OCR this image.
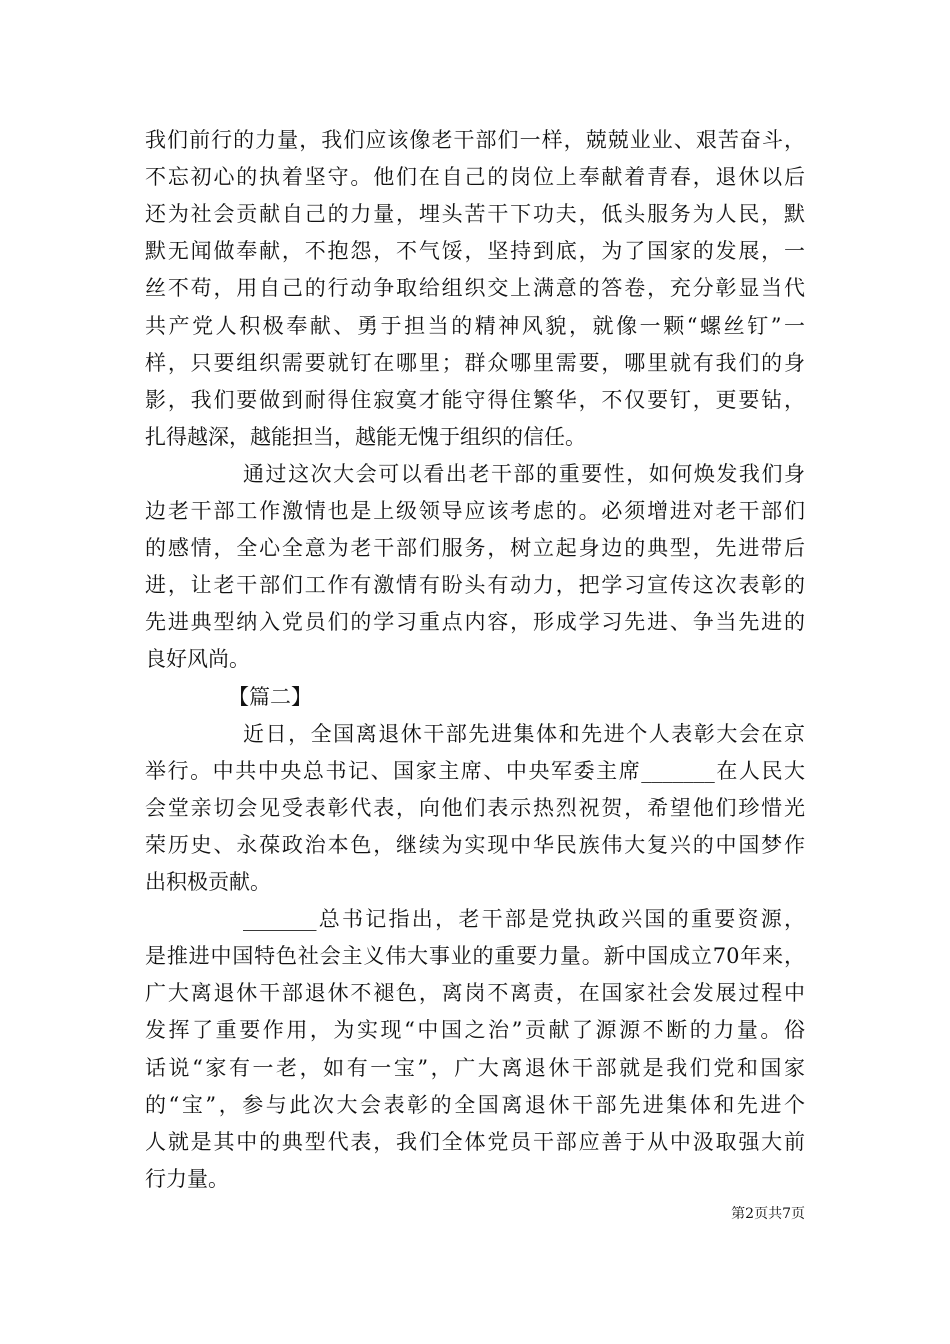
我们前行的力量，我们应该像老干部们一样，兢兢业业、艰苦奋斗，
不忘初心的执着坚守。他们在自己的岗位上奉献着青春，退休以后
还为社会贡献自己的力量，埋头苦干下功夫，低头服务为人民，默
默无闻做奉献，不抱怨，不气馁，坚持到底，为了国家的发展，一
丝不苟，用自己的行动争取给组织交上满意的答卷，充分彰显当代
共产党人积极奉献、勇于担当的精神风貌，就像一颗“螺丝钉”一
样，只要组织需要就钉在哪里；群众哪里需要，哪里就有我们的身
影，我们要做到耐得住寂寞才能守得住繁华，不仅要钉，更要钻，
扎得越深，越能担当，越能无愧于组织的信任。
通过这次大会可以看出老干部的重要性，如何焕发我们身
边老干部工作激情也是上级领导应该考虑的。必须增进对老干部们
的感情，全心全意为老干部们服务，树立起身边的典型，先进带后
进，让老干部们工作有激情有盼头有动力，把学习宣传这次表彰的
先进典型纳入党员们的学习重点内容，形成学习先进、争当先进的
良好风尚。
【篇二】
近日，全国离退休干部先进集体和先进个人表彰大会在京
举行。中共中央总书记、国家主席、中央军委主席_______在人民大
会堂亲切会见受表彰代表，向他们表示热烈祝贺，希望他们珍惜光
荣历史、永葆政治本色，继续为实现中华民族伟大复兴的中国梦作
出积极贡献。
_______总书记指出，老干部是党执政兴国的重要资源，
是推进中国特色社会主义伟大事业的重要力量。新中国成立70年来，
广大离退休干部退休不褪色，离岗不离责，在国家社会发展过程中
发挥了重要作用，为实现“中国之治”贡献了源源不断的力量。俗
话说“家有一老，如有一宝”，广大离退休干部就是我们党和国家
的“宝”，参与此次大会表彰的全国离退休干部先进集体和先进个
人就是其中的典型代表，我们全体党员干部应善于从中汲取强大前
行力量。
第2页共7页
